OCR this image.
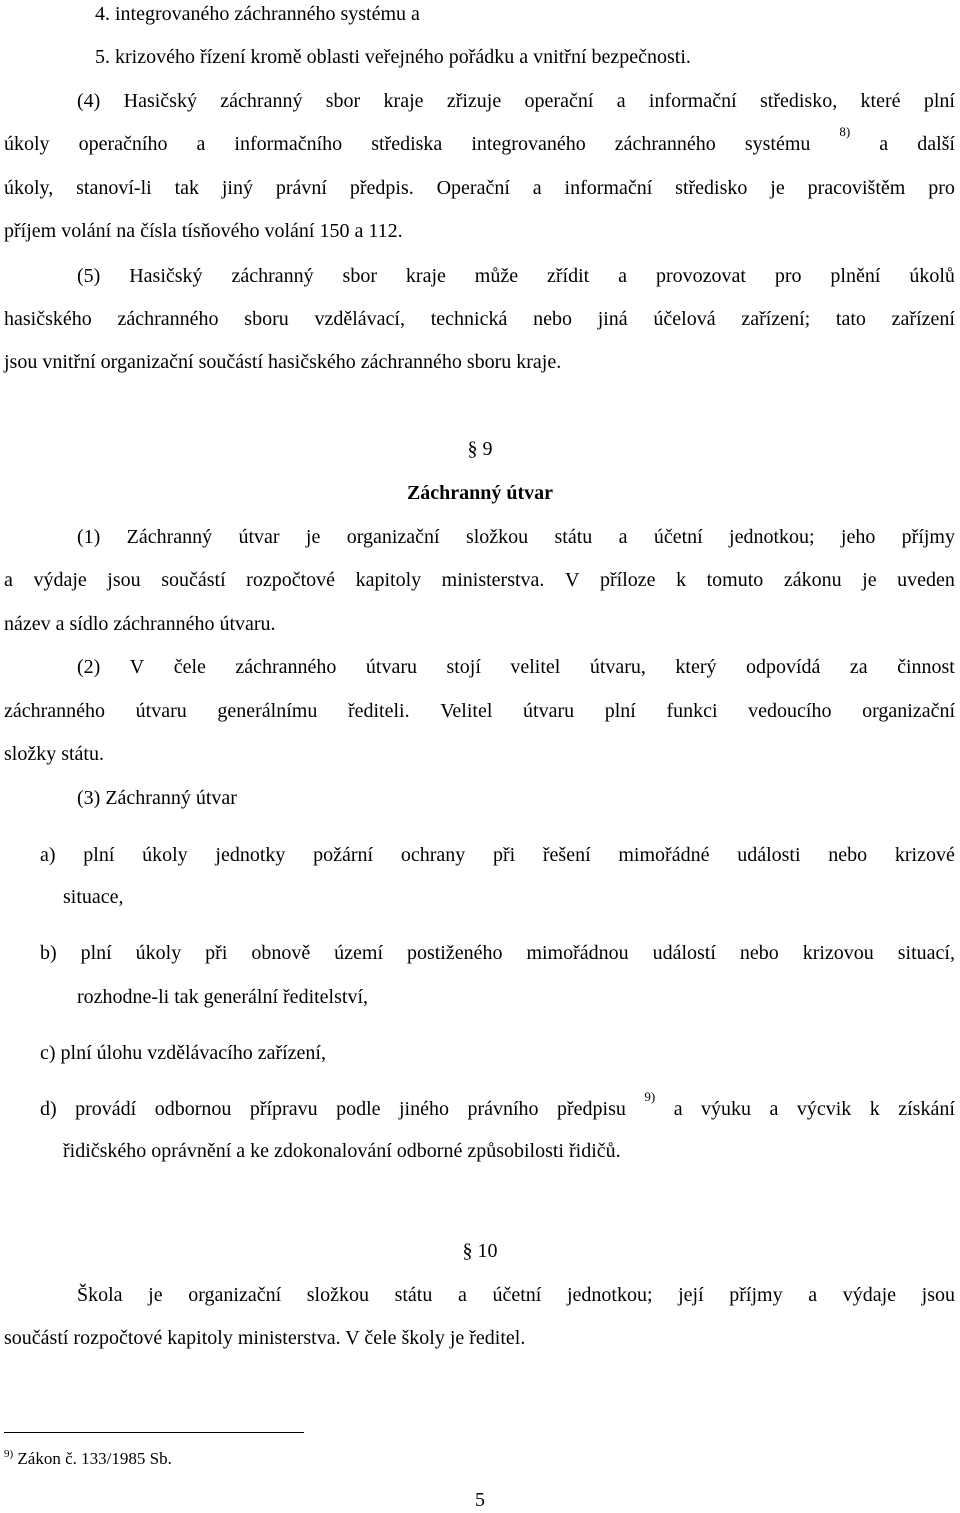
4. integrovaného záchranného systému a
5. krizového řízení kromě oblasti veřejného pořádku a vnitřní bezpečnosti.
(4) Hasičský záchranný sbor kraje zřizuje operační a informační středisko, které plní
úkoly operačního a informačního střediska integrovaného záchranného systému
8)
a další
úkoly, stanoví-li tak jiný právní předpis. Operační a informační středisko je pracovištěm pro
příjem volání na čísla tísňového volání 150 a 112.
(5) Hasičský záchranný sbor kraje může zřídit a provozovat pro plnění úkolů
hasičského záchranného sboru vzdělávací, technická nebo jiná účelová zařízení; tato zařízení
jsou vnitřní organizační součástí hasičského záchranného sboru kraje.
§ 9
Záchranný útvar
(1) Záchranný útvar je organizační složkou státu a účetní jednotkou; jeho příjmy
a výdaje jsou součástí rozpočtové kapitoly ministerstva. V příloze k tomuto zákonu je uveden
název a sídlo záchranného útvaru.
(2) V čele záchranného útvaru stojí velitel útvaru, který odpovídá za činnost
záchranného útvaru generálnímu řediteli. Velitel útvaru plní funkci vedoucího organizační
složky státu.
(3) Záchranný útvar
a) plní úkoly jednotky požární ochrany při řešení mimořádné události nebo krizové
situace,
b) plní úkoly při obnově území postiženého mimořádnou událostí nebo krizovou situací,
rozhodne-li tak generální ředitelství,
c) plní úlohu vzdělávacího zařízení,
d) provádí odbornou přípravu podle jiného právního předpisu
9)
a výuku a výcvik k získání
řidičského oprávnění a ke zdokonalování odborné způsobilosti řidičů.
§ 10
Škola je organizační složkou státu a účetní jednotkou; její příjmy a výdaje jsou
součástí rozpočtové kapitoly ministerstva. V čele školy je ředitel.
$^{9)}$ Zákon č. 133/1985 Sb.
5
